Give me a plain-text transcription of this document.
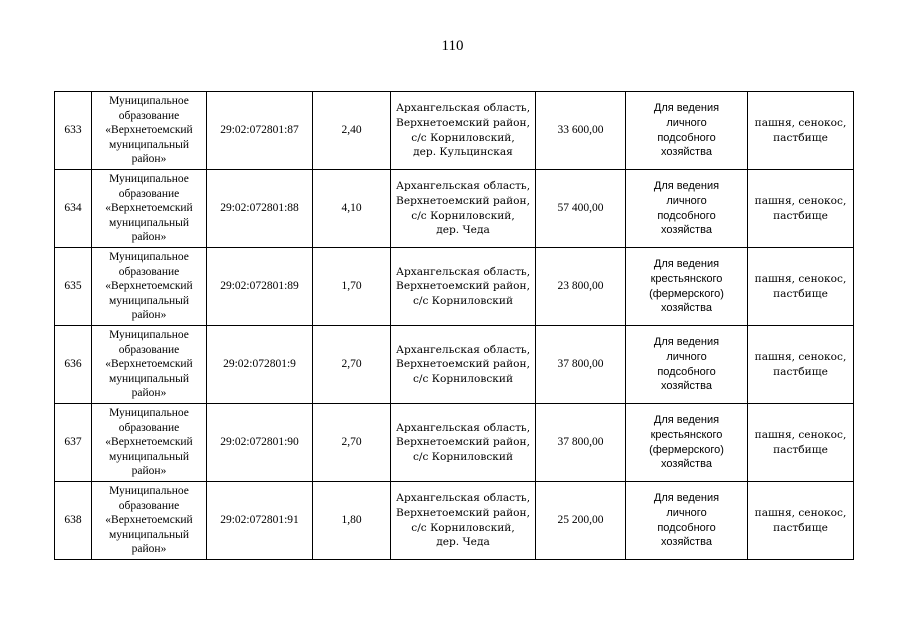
110
633	Муниципальное
образование
«Верхнетоемский
муниципальный
район»	29:02:072801:87	2,40	Архангельская область,
Верхнетоемский район,
с/с Корниловский,
дер. Кульцинская	33 600,00	Для ведения
личного
подсобного
хозяйства	пашня, сенокос,
пастбище

634	Муниципальное
образование
«Верхнетоемский
муниципальный
район»	29:02:072801:88	4,10	Архангельская область,
Верхнетоемский район,
с/с Корниловский,
дер. Чеда	57 400,00	Для ведения
личного
подсобного
хозяйства	пашня, сенокос,
пастбище

635	Муниципальное
образование
«Верхнетоемский
муниципальный
район»	29:02:072801:89	1,70	Архангельская область,
Верхнетоемский район,
с/с Корниловский	23 800,00	Для ведения
крестьянского
(фермерского)
хозяйства	пашня, сенокос,
пастбище

636	Муниципальное
образование
«Верхнетоемский
муниципальный
район»	29:02:072801:9	2,70	Архангельская область,
Верхнетоемский район,
с/с Корниловский	37 800,00	Для ведения
личного
подсобного
хозяйства	пашня, сенокос,
пастбище

637	Муниципальное
образование
«Верхнетоемский
муниципальный
район»	29:02:072801:90	2,70	Архангельская область,
Верхнетоемский район,
с/с Корниловский	37 800,00	Для ведения
крестьянского
(фермерского)
хозяйства	пашня, сенокос,
пастбище

638	Муниципальное
образование
«Верхнетоемский
муниципальный
район»	29:02:072801:91	1,80	Архангельская область,
Верхнетоемский район,
с/с Корниловский,
дер. Чеда	25 200,00	Для ведения
личного
подсобного
хозяйства	пашня, сенокос,
пастбище
